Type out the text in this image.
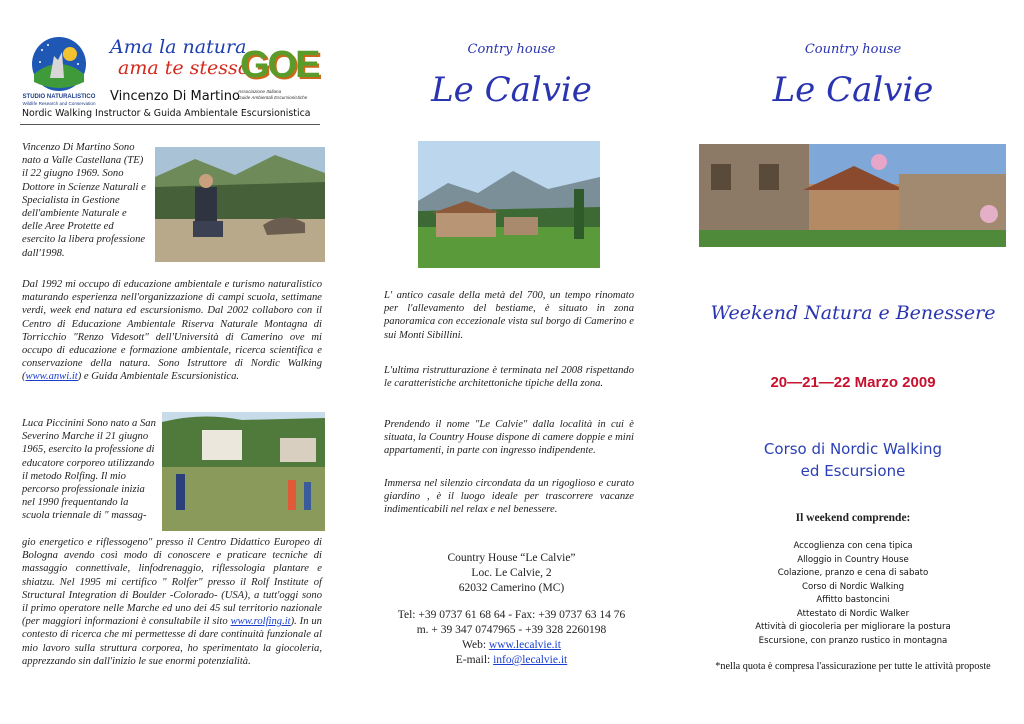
STUDIO NATURALISTICO
Wildlife Research and Conservation
Ama la natura
ama te stesso
GOE
Associazione Italiana
Guide Ambientali Escursionistiche
Vincenzo Di Martino
Nordic Walking Instructor & Guida Ambientale Escursionistica
Vincenzo Di Martino Sono nato a Valle Castellana (TE) il 22 giugno 1969. Sono Dottore in Scienze Naturali e Specialista in Gestione dell'ambiente Naturale e delle Aree Protette ed esercito la libera professione dall'1998.
Dal 1992 mi occupo di educazione ambientale e turismo naturalistico maturando esperienza nell'organizzazione di campi scuola, settimane verdi, week end natura ed escursionismo. Dal 2002 collaboro con il Centro di Educazione Ambientale Riserva Naturale Montagna di Torricchio "Renzo Videsott" dell'Università di Camerino ove mi occupo di educazione e formazione ambientale, ricerca scientifica e conservazione della natura. Sono Istruttore di Nordic Walking (www.anwi.it) e Guida Ambientale Escursionistica.
Luca Piccinini Sono nato a San Severino Marche il 21 giugno 1965, esercito la professione di educatore corporeo utilizzando il metodo Rolfing. Il mio percorso professionale inizia nel 1990 frequentando la scuola triennale di " massag-
gio energetico e riflessogeno" presso il Centro Didattico Europeo di Bologna avendo così modo di conoscere e praticare tecniche di massaggio connettivale, linfodrenaggio, riflessologia plantare e shiatzu. Nel 1995 mi certifico " Rolfer" presso il Rolf Institute of Structural Integration di Boulder -Colorado- (USA), a tutt'oggi sono il primo operatore nelle Marche ed uno dei 45 sul territorio nazionale (per maggiori informazioni è consultabile il sito www.rolfing.it). In un contesto di ricerca che mi permettesse di dare continuità funzionale al mio lavoro sulla struttura corporea, ho sperimentato la giocoleria, apprezzando sin dall'inizio le sue enormi potenzialità.
Contry house
Le Calvie
L' antico casale della metà del 700, un tempo rinomato per l'allevamento del bestiame, è situato in zona panoramica con eccezionale vista sul borgo di Camerino e sui Monti Sibillini.
L'ultima ristrutturazione è terminata nel 2008 rispettando le caratteristiche architettoniche tipiche della zona.
Prendendo il nome "Le Calvie" dalla località in cui è situata, la Country House dispone di camere doppie e mini appartamenti, in parte con ingresso indipendente.
Immersa nel silenzio circondata da un rigoglioso e curato giardino , è il luogo ideale per trascorrere vacanze indimenticabili nel relax e nel benessere.
Country House “Le Calvie”
Loc. Le Calvie, 2
62032 Camerino (MC)
Tel: +39 0737 61 68 64 - Fax: +39 0737 63 14 76
m. + 39 347 0747965 - +39 328 2260198
Web: www.lecalvie.it
E-mail: info@lecalvie.it
Country house
Le Calvie
Weekend Natura e Benessere
20—21—22 Marzo 2009
Corso di Nordic Walking
ed Escursione
Il weekend comprende:
Accoglienza con cena tipica
Alloggio in Country House
Colazione, pranzo e cena di sabato
Corso di Nordic Walking
Affitto bastoncini
Attestato di Nordic Walker
Attività di giocoleria per migliorare la postura
Escursione, con pranzo rustico in montagna
*nella quota è compresa l'assicurazione per tutte le attività proposte
